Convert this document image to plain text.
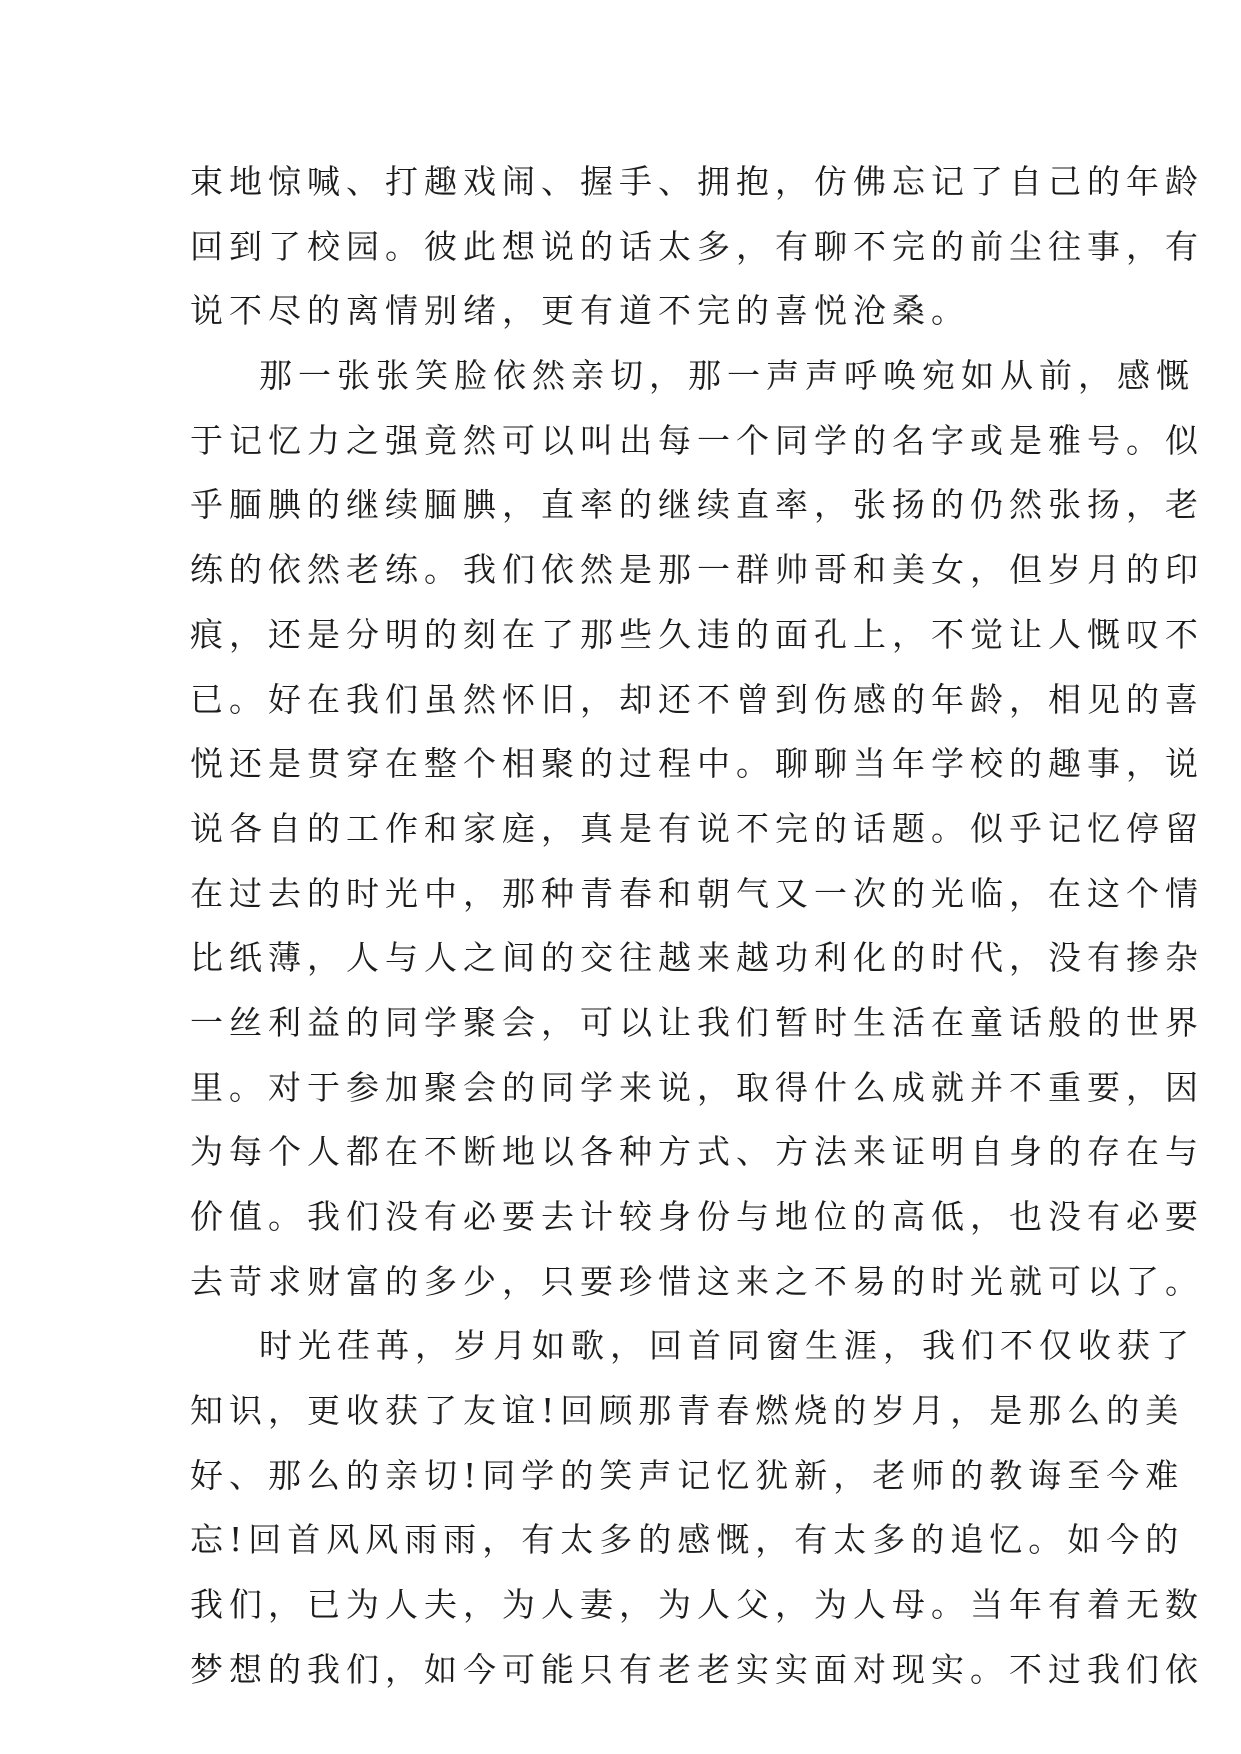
束地惊喊、打趣戏闹、握手、拥抱，仿佛忘记了自己的年龄
回到了校园。彼此想说的话太多，有聊不完的前尘往事，有
说不尽的离情别绪，更有道不完的喜悦沧桑。
那一张张笑脸依然亲切，那一声声呼唤宛如从前，感慨
于记忆力之强竟然可以叫出每一个同学的名字或是雅号。似
乎腼腆的继续腼腆，直率的继续直率，张扬的仍然张扬，老
练的依然老练。我们依然是那一群帅哥和美女，但岁月的印
痕，还是分明的刻在了那些久违的面孔上，不觉让人慨叹不
已。好在我们虽然怀旧，却还不曾到伤感的年龄，相见的喜
悦还是贯穿在整个相聚的过程中。聊聊当年学校的趣事，说
说各自的工作和家庭，真是有说不完的话题。似乎记忆停留
在过去的时光中，那种青春和朝气又一次的光临，在这个情
比纸薄，人与人之间的交往越来越功利化的时代，没有掺杂
一丝利益的同学聚会，可以让我们暂时生活在童话般的世界
里。对于参加聚会的同学来说，取得什么成就并不重要，因
为每个人都在不断地以各种方式、方法来证明自身的存在与
价值。我们没有必要去计较身份与地位的高低，也没有必要
去苛求财富的多少，只要珍惜这来之不易的时光就可以了。
时光荏苒，岁月如歌，回首同窗生涯，我们不仅收获了
知识，更收获了友谊!回顾那青春燃烧的岁月，是那么的美
好、那么的亲切!同学的笑声记忆犹新，老师的教诲至今难
忘!回首风风雨雨，有太多的感慨，有太多的追忆。如今的
我们，已为人夫，为人妻，为人父，为人母。当年有着无数
梦想的我们，如今可能只有老老实实面对现实。不过我们依
